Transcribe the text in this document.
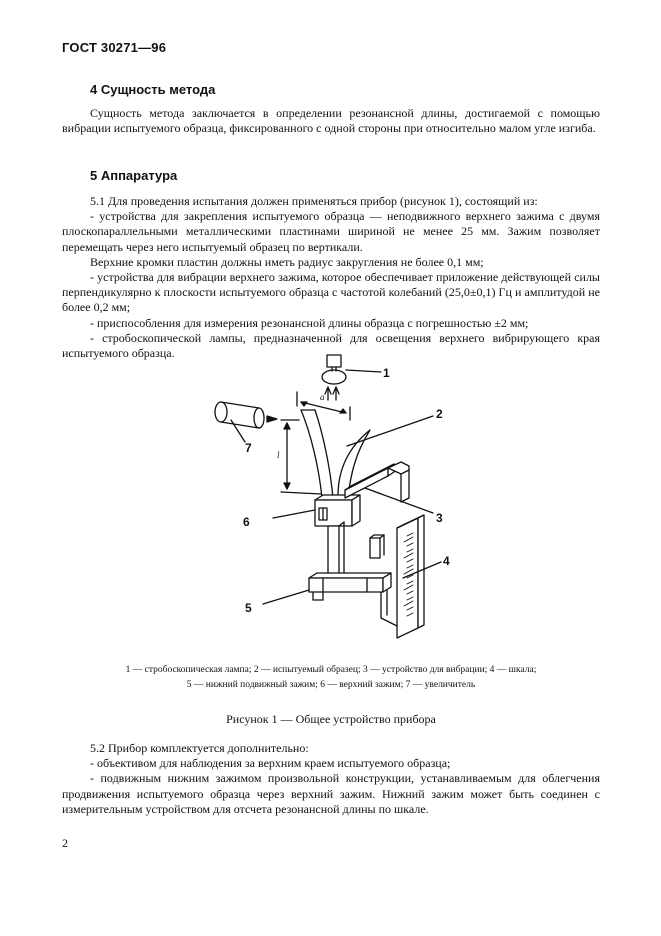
ГОСТ 30271—96
4 Сущность метода

Сущность метода заключается в определении резонансной длины, достигаемой с помощью вибрации испытуемого образца, фиксированного с одной стороны при относительно малом угле изгиба.

5 Аппаратура

5.1 Для проведения испытания должен применяться прибор (рисунок 1), состоящий из:

- устройства для закрепления испытуемого образца — неподвижного верхнего зажима с двумя плоскопараллельными металлическими пластинами шириной не менее 25 мм. Зажим позволяет перемещать через него испытуемый образец по вертикали.

Верхние кромки пластин должны иметь радиус закругления не более 0,1 мм;

- устройства для вибрации верхнего зажима, которое обеспечивает приложение действующей силы перпендикулярно к плоскости испытуемого образца с частотой колебаний (25,0±0,1) Гц и амплитудой не более 0,2 мм;

- приспособления для измерения резонансной длины образца с погрешностью ±2 мм;

- стробоскопической лампы, предназначенной для освещения верхнего вибрирующего края испытуемого образца.

1
2
3
4
5
6
7
a
l

1 — стробоскопическая лампа; 2 — испытуемый образец; 3 — устройство для вибрации; 4 — шкала;

5 — нижний подвижный зажим; 6 — верхний зажим; 7 — увеличитель

Рисунок 1 — Общее устройство прибора

5.2 Прибор комплектуется дополнительно:

- объективом для наблюдения за верхним краем испытуемого образца;

- подвижным нижним зажимом произвольной конструкции, устанавливаемым для облегчения продвижения испытуемого образца через верхний зажим. Нижний зажим может быть соединен с измерительным устройством для отсчета резонансной длины по шкале.

2
